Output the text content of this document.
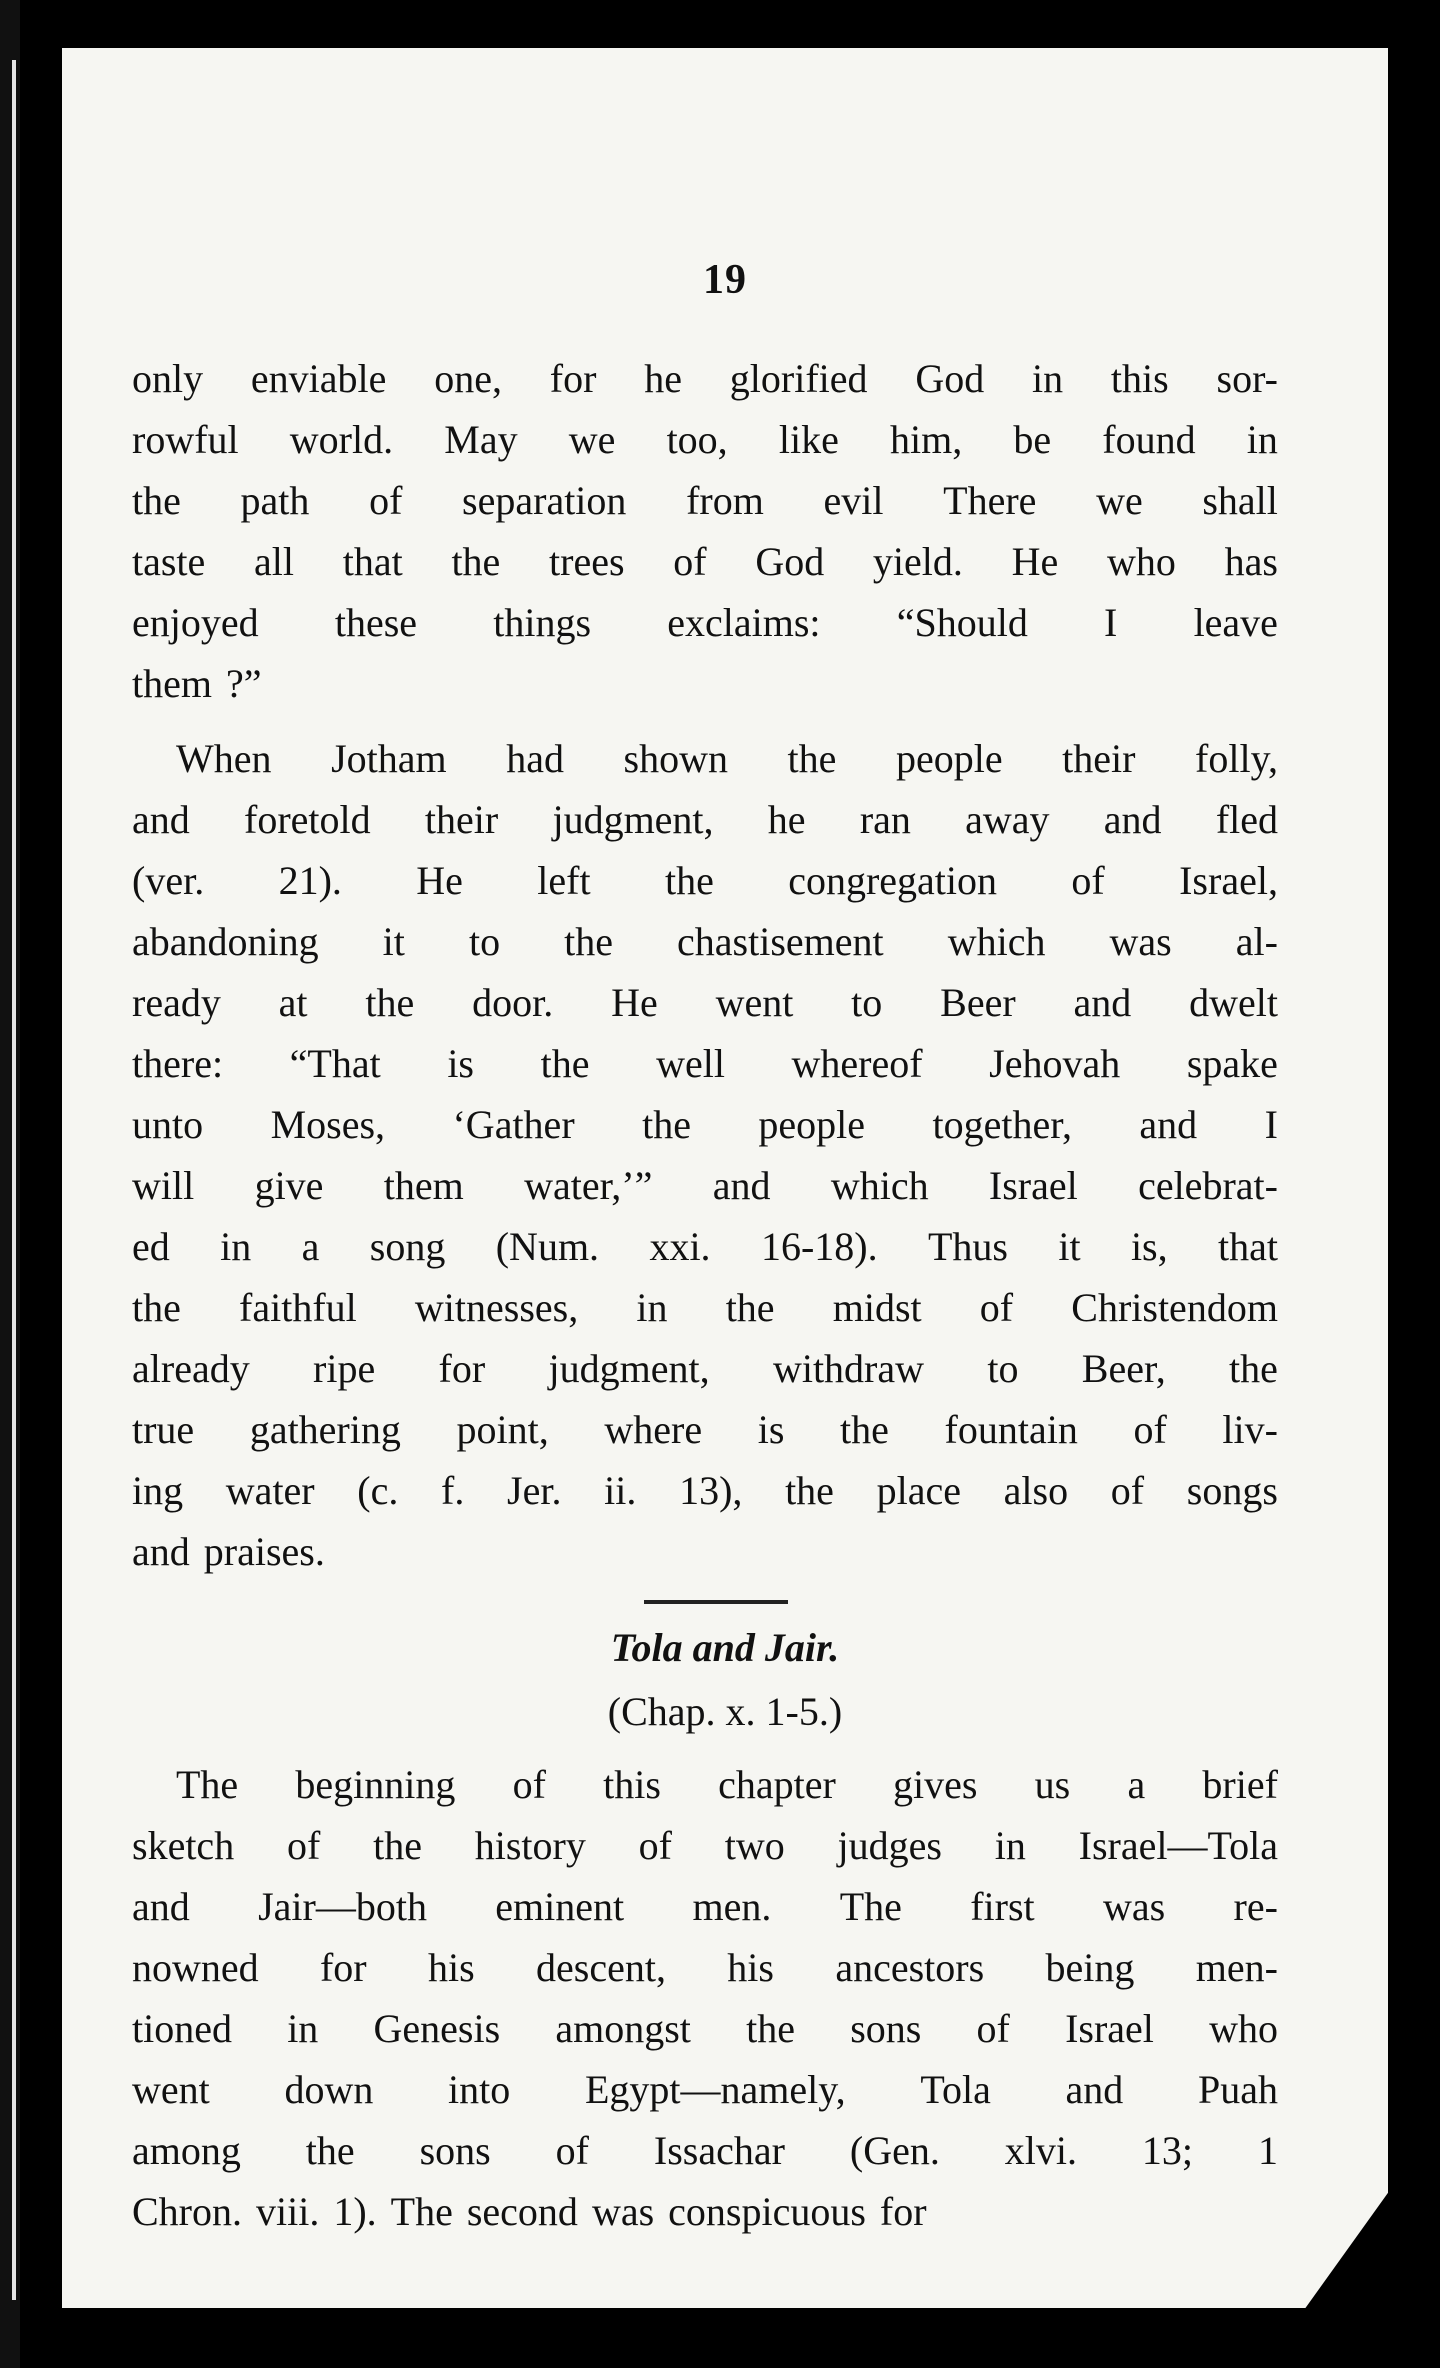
19
only enviable one, for he glorified God in this sor-
rowful world. May we too, like him, be found in
the path of separation from evil There we shall
taste all that the trees of God yield. He who has
enjoyed these things exclaims: “Should I leave
them ?”
When Jotham had shown the people their folly,
and foretold their judgment, he ran away and fled
(ver. 21). He left the congregation of Israel,
abandoning it to the chastisement which was al-
ready at the door. He went to Beer and dwelt
there: “That is the well whereof Jehovah spake
unto Moses, ‘Gather the people together, and I
will give them water,’” and which Israel celebrat-
ed in a song (Num. xxi. 16-18). Thus it is, that
the faithful witnesses, in the midst of Christendom
already ripe for judgment, withdraw to Beer, the
true gathering point, where is the fountain of liv-
ing water (c. f. Jer. ii. 13), the place also of songs
and praises.
Tola and Jair.
(Chap. x. 1-5.)
The beginning of this chapter gives us a brief
sketch of the history of two judges in Israel—Tola
and Jair—both eminent men. The first was re-
nowned for his descent, his ancestors being men-
tioned in Genesis amongst the sons of Israel who
went down into Egypt—namely, Tola and Puah
among the sons of Issachar (Gen. xlvi. 13; 1
Chron. viii. 1). The second was conspicuous for
